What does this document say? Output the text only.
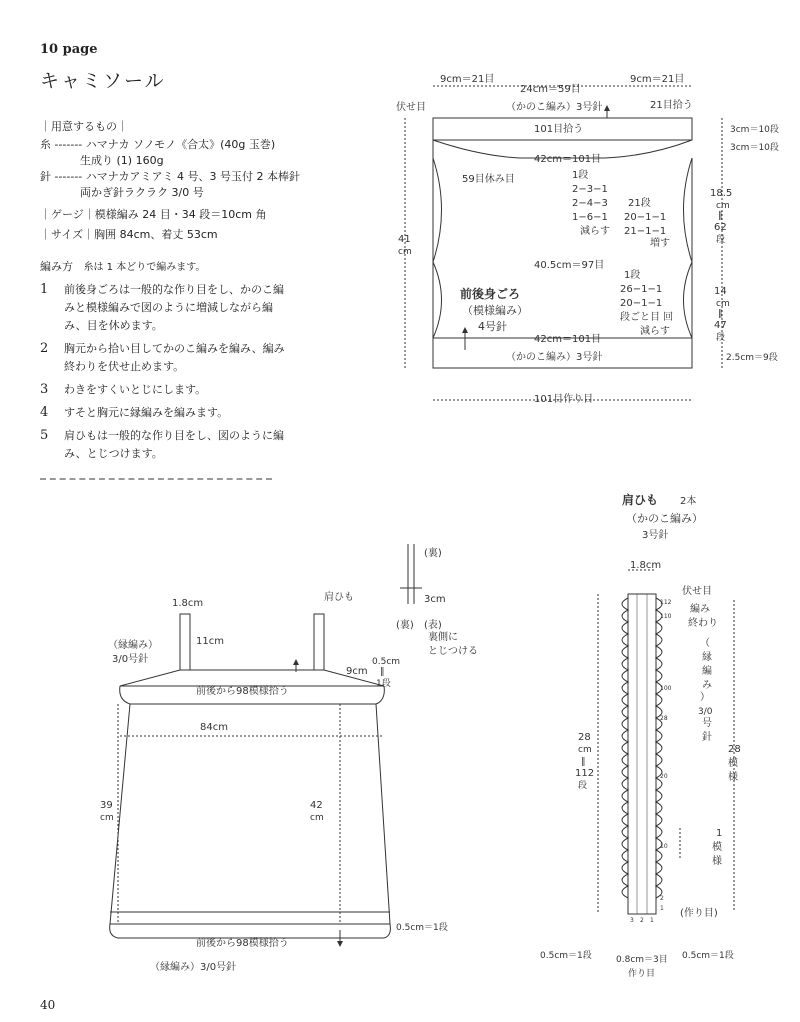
10 page
キャミソール
｜用意するもの｜
糸 ------- ハマナカ ソノモノ《合太》(40g 玉巻)
生成り (1) 160g
針 ------- ハマナカアミアミ 4 号、3 号玉付 2 本棒針
両かぎ針ラクラク 3/0 号
｜ゲージ｜模様編み 24 目・34 段＝10cm 角
｜サイズ｜胸囲 84cm、着丈 53cm
編み方 糸は 1 本どりで編みます。
1 前後身ごろは一般的な作り目をし、かのこ編みと模様編みで図のように増減しながら編み、目を休めます。
2 胸元から拾い目してかのこ編みを編み、編み終わりを伏せ止めます。
3 わきをすくいとじにします。
4 すそと胸元に縁編みを編みます。
5 肩ひもは一般的な作り目をし、図のように編み、とじつけます。
40
9cm＝21目
24cm＝59目
9cm＝21目
伏せ目	（かのこ編み）3号針	21目拾う
101目拾う	3cm＝10段
3cm＝10段
42cm＝101目
59目休み目	1段
2−3−1
2−4−3
1−6−1
減らす
21段
20−1−1
21−1−1
増す
18.5
cm
‖
62
段
41
cm
40.5cm＝97目
前後身ごろ
（模様編み）
4号針
1段
26−1−1
20−1−1
段ごと目 回
減らす
14
cm
‖
47
段
42cm＝101目
（かのこ編み）3号針	2.5cm＝9段
101目作り目
1.8cm
肩ひも
11cm
（縁編み）
3/0号針
9cm
0.5cm
‖
1段
前後から98模様拾う
84cm
39
cm
42
cm
0.5cm＝1段
前後から98模様拾う
（縁編み）3/0号針
(裏)
(表)
3cm
(裏)
裏側に
とじつける
肩ひも 2本
（かのこ編み）
3号針
1.8cm
伏せ目
編み
終わり
（
縁
編
み
）
3/0
号
針
112
110
100
28
20
10
2
1
3 2 1
28
cm
‖
112
段
28
模
様
1
模
様
(作り目)
0.5cm＝1段	0.8cm＝3目
作り目
0.5cm＝1段
